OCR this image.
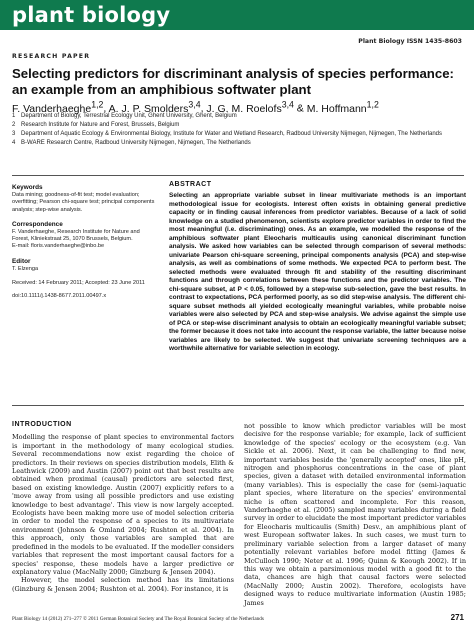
plant biology
Plant Biology ISSN 1435-8603
RESEARCH PAPER
Selecting predictors for discriminant analysis of species performance: an example from an amphibious softwater plant
F. Vanderhaeghe$^{1,2}$, A. J. P. Smolders$^{3,4}$, J. G. M. Roelofs$^{3,4}$ & M. Hoffmann$^{1,2}$
1 Department of Biology, Terrestrial Ecology Unit, Ghent University, Ghent, Belgium
2 Research Institute for Nature and Forest, Brussels, Belgium
3 Department of Aquatic Ecology & Environmental Biology, Institute for Water and Wetland Research, Radboud University Nijmegen, Nijmegen, The Netherlands
4 B-WARE Research Centre, Radboud University Nijmegen, Nijmegen, The Netherlands
Keywords

Data mining; goodness-of-fit test; model evaluation; overfitting; Pearson chi-square test; principal components analysis; step-wise analysis.

Correspondence

F. Vanderhaeghe, Research Institute for Nature and Forest, Kliniekstraat 25, 1070 Brussels, Belgium.

E-mail: floris.vanderhaeghe@inbo.be

Editor

T. Elzenga

Received: 14 February 2011; Accepted: 23 June 2011

doi:10.1111/j.1438-8677.2011.00497.x

ABSTRACT

Selecting an appropriate variable subset in linear multivariate methods is an important methodological issue for ecologists. Interest often exists in obtaining general predictive capacity or in finding causal inferences from predictor variables. Because of a lack of solid knowledge on a studied phenomenon, scientists explore predictor variables in order to find the most meaningful (i.e. discriminating) ones. As an example, we modelled the response of the amphibious softwater plant Eleocharis multicaulis using canonical discriminant function analysis. We asked how variables can be selected through comparison of several methods: univariate Pearson chi-square screening, principal components analysis (PCA) and step-wise analysis, as well as combinations of some methods. We expected PCA to perform best. The selected methods were evaluated through fit and stability of the resulting discriminant functions and through correlations between these functions and the predictor variables. The chi-square subset, at P < 0.05, followed by a step-wise sub-selection, gave the best results. In contrast to expectations, PCA performed poorly, as so did step-wise analysis. The different chi-square subset methods all yielded ecologically meaningful variables, while probable noise variables were also selected by PCA and step-wise analysis. We advise against the simple use of PCA or step-wise discriminant analysis to obtain an ecologically meaningful variable subset; the former because it does not take into account the response variable, the latter because noise variables are likely to be selected. We suggest that univariate screening techniques are a worthwhile alternative for variable selection in ecology.

INTRODUCTION

Modelling the response of plant species to environmental factors is important in the methodology of many ecological studies. Several recommendations now exist regarding the choice of predictors. In their reviews on species distribution models, Elith & Leathwick (2009) and Austin (2007) point out that best results are obtained when proximal (causal) predictors are selected first, based on existing knowledge. Austin (2007) explicitly refers to a 'move away from using all possible predictors and use existing knowledge to best advantage'. This view is now largely accepted. Ecologists have been making more use of model selection criteria in order to model the response of a species to its multivariate environment (Johnson & Omland 2004; Rushton et al. 2004). In this approach, only those variables are sampled that are predefined in the models to be evaluated. If the modeller considers variables that represent the most important causal factors for a species' response, these models have a larger predictive or explanatory value (MacNally 2000; Ginzburg & Jensen 2004).

However, the model selection method has its limitations (Ginzburg & Jensen 2004; Rushton et al. 2004). For instance, it is

not possible to know which predictor variables will be most decisive for the response variable; for example, lack of sufficient knowledge of the species' ecology or the ecosystem (e.g. Van Sickle et al. 2006). Next, it can be challenging to find new, important variables beside the 'generally accepted' ones, like pH, nitrogen and phosphorus concentrations in the case of plant species, given a dataset with detailed environmental information (many variables). This is especially the case for (semi-)aquatic plant species, where literature on the species' environmental niche is often scattered and incomplete. For this reason, Vanderhaeghe et al. (2005) sampled many variables during a field survey in order to elucidate the most important predictor variables for Eleocharis multicaulis (Smith) Desv., an amphibious plant of west European softwater lakes. In such cases, we must turn to preliminary variable selection from a larger dataset of many potentially relevant variables before model fitting (James & McCulloch 1990; Neter et al. 1996; Quinn & Keough 2002). If in this way we obtain a parsimonious model with a good fit to the data, chances are high that causal factors were selected (MacNally 2000; Austin 2002). Therefore, ecologists have designed ways to reduce multivariate information (Austin 1985; James

Plant Biology 14 (2012) 271–277 © 2011 German Botanical Society and The Royal Botanical Society of the Netherlands	271
